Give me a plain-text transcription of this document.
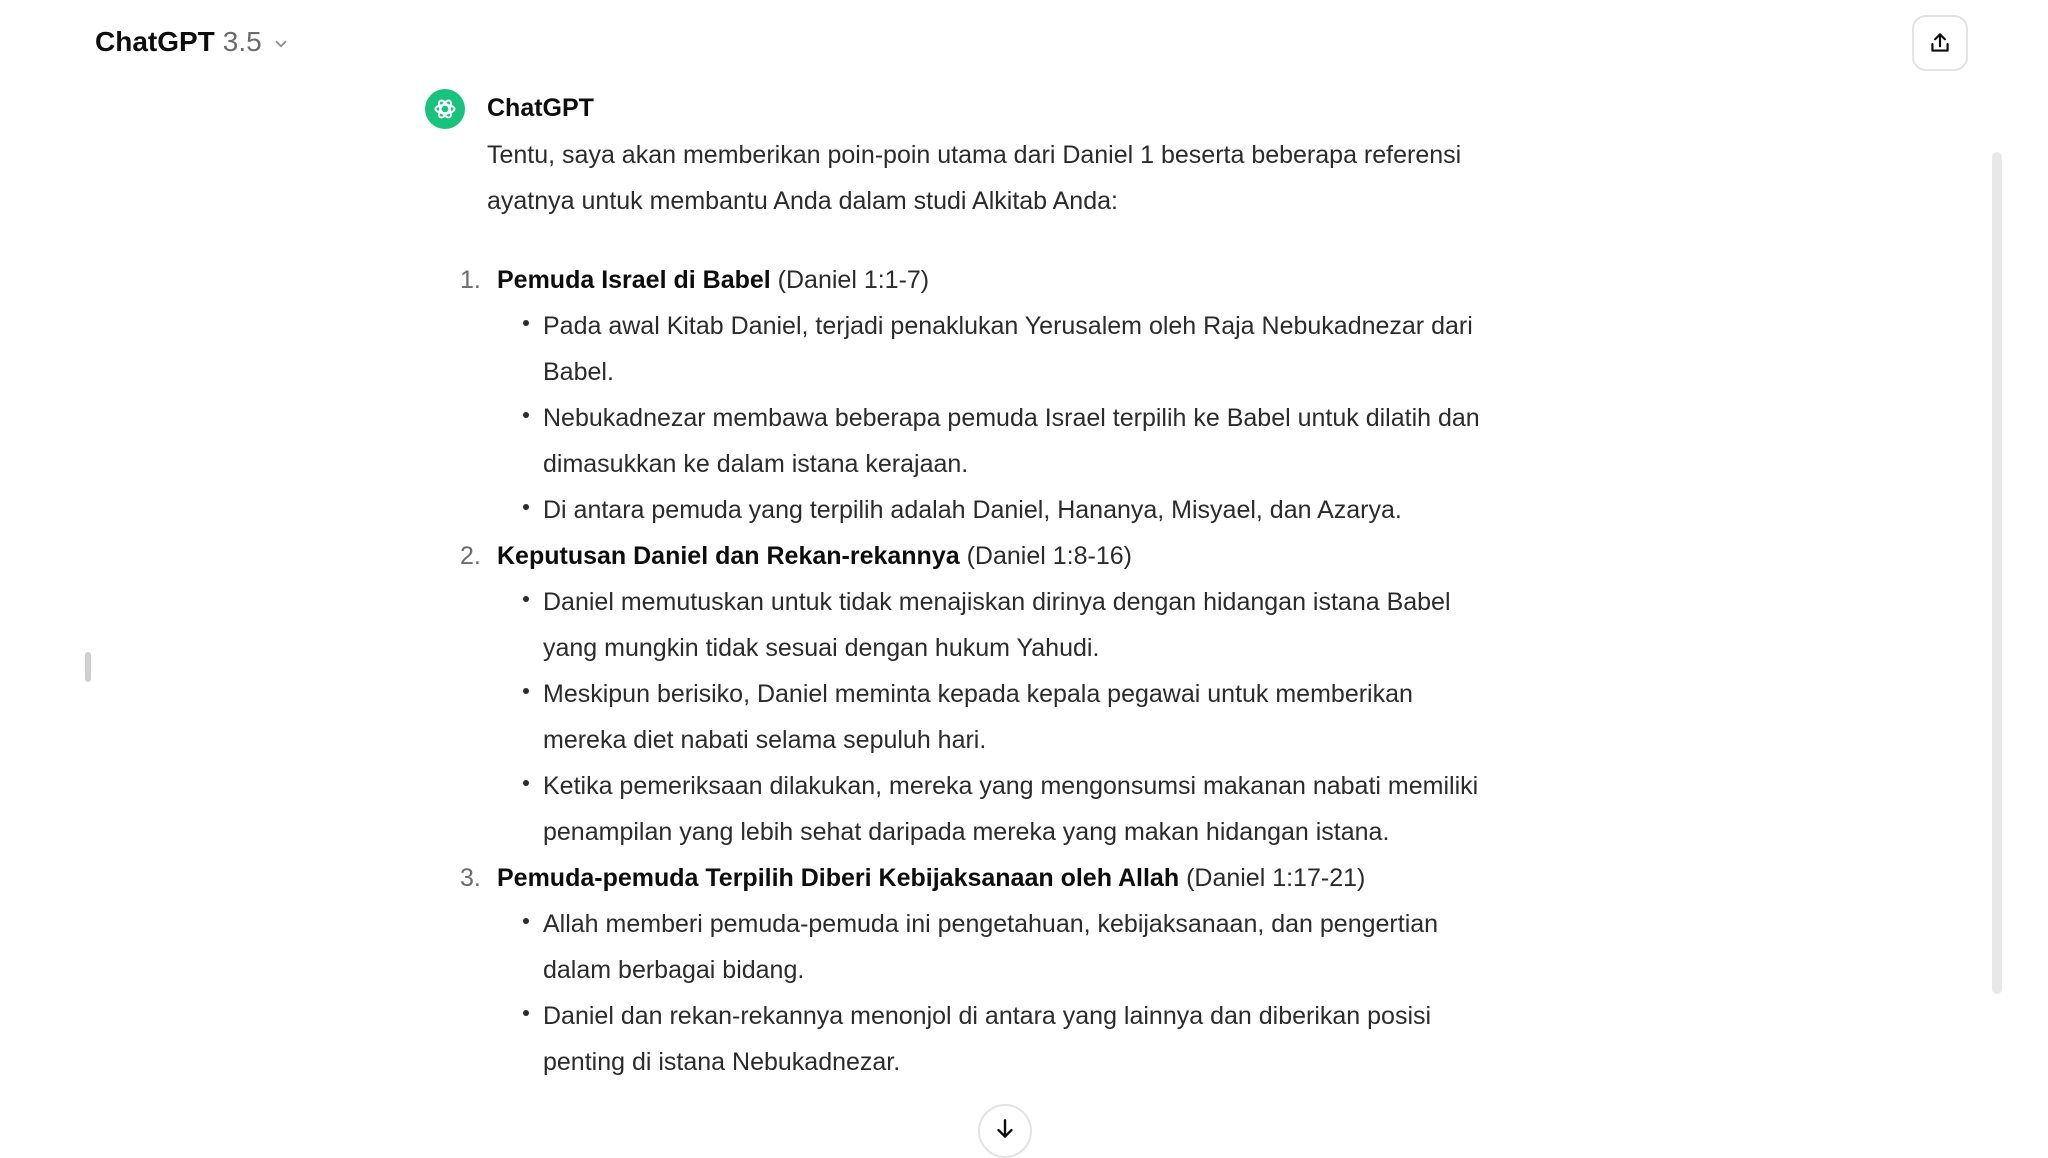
ChatGPT 3.5
ChatGPT

Tentu, saya akan memberikan poin-poin utama dari Daniel 1 beserta beberapa referensi ayatnya untuk membantu Anda dalam studi Alkitab Anda:

1. Pemuda Israel di Babel (Daniel 1:1-7)
Pada awal Kitab Daniel, terjadi penaklukan Yerusalem oleh Raja Nebukadnezar dari Babel.
Nebukadnezar membawa beberapa pemuda Israel terpilih ke Babel untuk dilatih dan dimasukkan ke dalam istana kerajaan.
Di antara pemuda yang terpilih adalah Daniel, Hananya, Misyael, dan Azarya.
2. Keputusan Daniel dan Rekan-rekannya (Daniel 1:8-16)
Daniel memutuskan untuk tidak menajiskan dirinya dengan hidangan istana Babel yang mungkin tidak sesuai dengan hukum Yahudi.
Meskipun berisiko, Daniel meminta kepada kepala pegawai untuk memberikan mereka diet nabati selama sepuluh hari.
Ketika pemeriksaan dilakukan, mereka yang mengonsumsi makanan nabati memiliki penampilan yang lebih sehat daripada mereka yang makan hidangan istana.
3. Pemuda-pemuda Terpilih Diberi Kebijaksanaan oleh Allah (Daniel 1:17-21)
Allah memberi pemuda-pemuda ini pengetahuan, kebijaksanaan, dan pengertian dalam berbagai bidang.
Daniel dan rekan-rekannya menonjol di antara yang lainnya dan diberikan posisi penting di istana Nebukadnezar.
